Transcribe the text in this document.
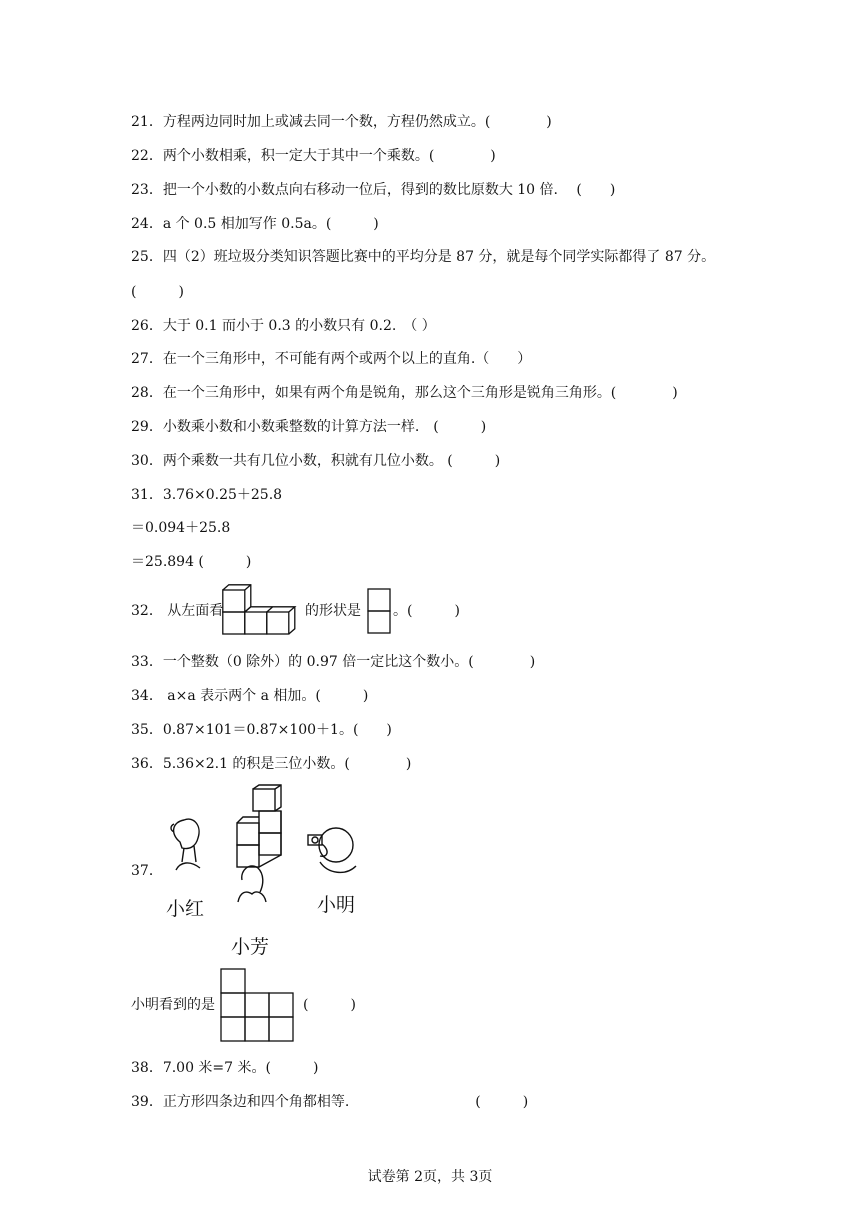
21．方程两边同时加上或减去同一个数，方程仍然成立。(　　　　)
22．两个小数相乘，积一定大于其中一个乘数。(　　　　)
23．把一个小数的小数点向右移动一位后，得到的数比原数大 10 倍.　 (　　)
24．a 个 0.5 相加写作 0.5a。(　　　)
25．四（2）班垃圾分类知识答题比赛中的平均分是 87 分，就是每个同学实际都得了 87 分。
(　　　)
26．大于 0.1 而小于 0.3 的小数只有 0.2.　（ ）
27．在一个三角形中，不可能有两个或两个以上的直角.（　　）
28．在一个三角形中，如果有两个角是锐角，那么这个三角形是锐角三角形。(　　　　)
29．小数乘小数和小数乘整数的计算方法一样.　(　　　)
30．两个乘数一共有几位小数，积就有几位小数。 (　　　)
31．3.76×0.25＋25.8
＝0.094＋25.8
＝25.894 (　　　)
32． 从左面看	的形状是 。(　　　)
33．一个整数（0 除外）的 0.97 倍一定比这个数小。(　　　　)
34． a×a 表示两个 a 相加。(　　　)
35．0.87×101＝0.87×100＋1。(　　)
36．5.36×2.1 的积是三位小数。(　　　　)
37．
小红	小明
小芳
小明看到的是	(　　　)
38．7.00 米=7 米。(　　　)
39．正方形四条边和四个角都相等.　　　　　　　　　(　　　)
试卷第 2页，共 3页
